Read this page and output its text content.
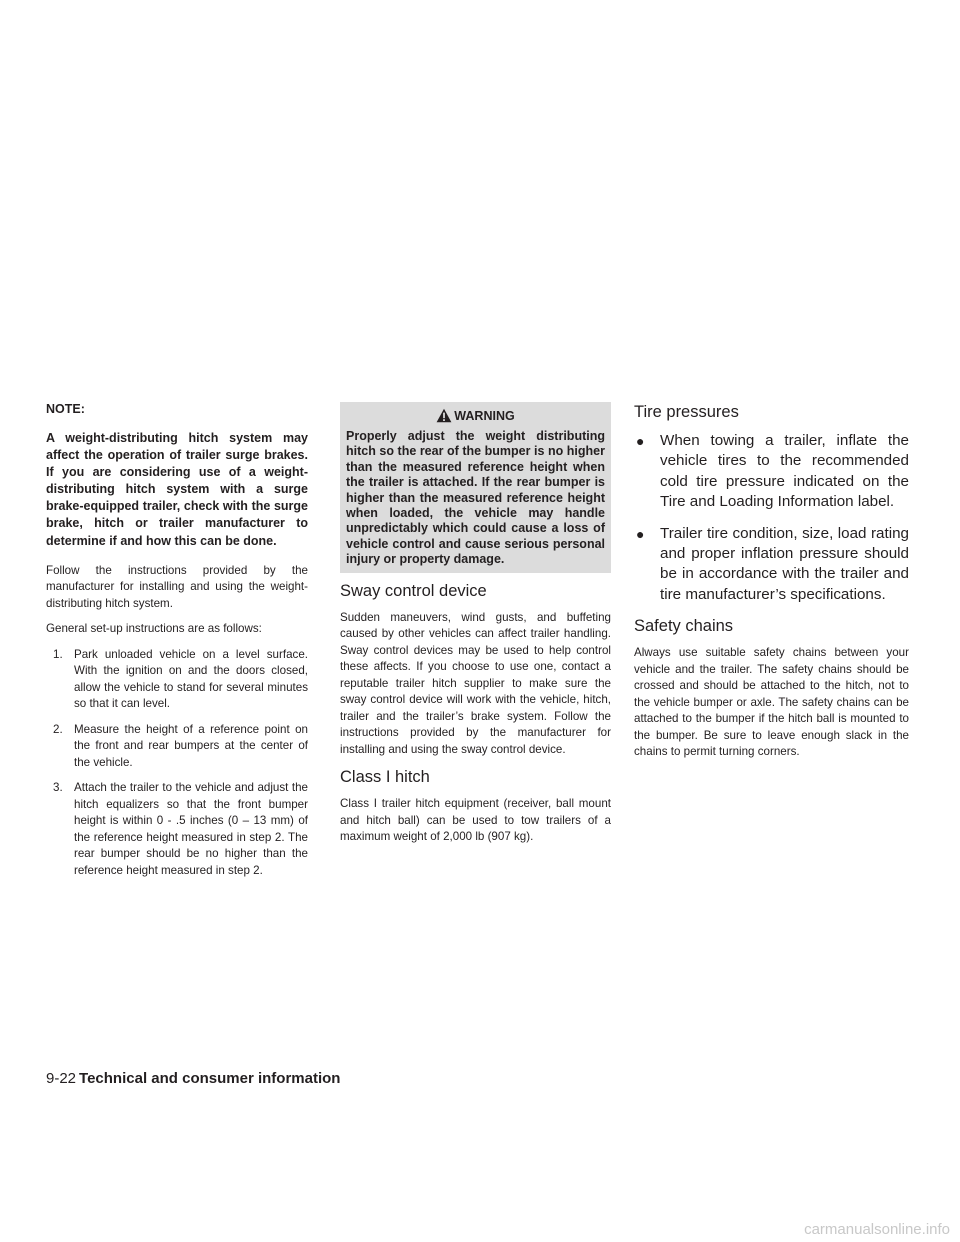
NOTE:

A weight-distributing hitch system may affect the operation of trailer surge brakes. If you are considering use of a weight-distributing hitch system with a surge brake-equipped trailer, check with the surge brake, hitch or trailer manufacturer to determine if and how this can be done.

Follow the instructions provided by the manufacturer for installing and using the weight-distributing hitch system.

General set-up instructions are as follows:

1. Park unloaded vehicle on a level surface. With the ignition on and the doors closed, allow the vehicle to stand for several minutes so that it can level.
2. Measure the height of a reference point on the front and rear bumpers at the center of the vehicle.
3. Attach the trailer to the vehicle and adjust the hitch equalizers so that the front bumper height is within 0 - .5 inches (0 – 13 mm) of the reference height measured in step 2. The rear bumper should be no higher than the reference height measured in step 2.
WARNING
Properly adjust the weight distributing hitch so the rear of the bumper is no higher than the measured reference height when the trailer is attached. If the rear bumper is higher than the measured reference height when loaded, the vehicle may handle unpredictably which could cause a loss of vehicle control and cause serious personal injury or property damage.
Sway control device

Sudden maneuvers, wind gusts, and buffeting caused by other vehicles can affect trailer handling. Sway control devices may be used to help control these affects. If you choose to use one, contact a reputable trailer hitch supplier to make sure the sway control device will work with the vehicle, hitch, trailer and the trailer’s brake system. Follow the instructions provided by the manufacturer for installing and using the sway control device.

Class I hitch

Class I trailer hitch equipment (receiver, ball mount and hitch ball) can be used to tow trailers of a maximum weight of 2,000 lb (907 kg).

Tire pressures
● When towing a trailer, inflate the vehicle tires to the recommended cold tire pressure indicated on the Tire and Loading Information label.
● Trailer tire condition, size, load rating and proper inflation pressure should be in accordance with the trailer and tire manufacturer’s specifications.
Safety chains

Always use suitable safety chains between your vehicle and the trailer. The safety chains should be crossed and should be attached to the hitch, not to the vehicle bumper or axle. The safety chains can be attached to the bumper if the hitch ball is mounted to the bumper. Be sure to leave enough slack in the chains to permit turning corners.

9-22 Technical and consumer information
carmanualsonline.info
